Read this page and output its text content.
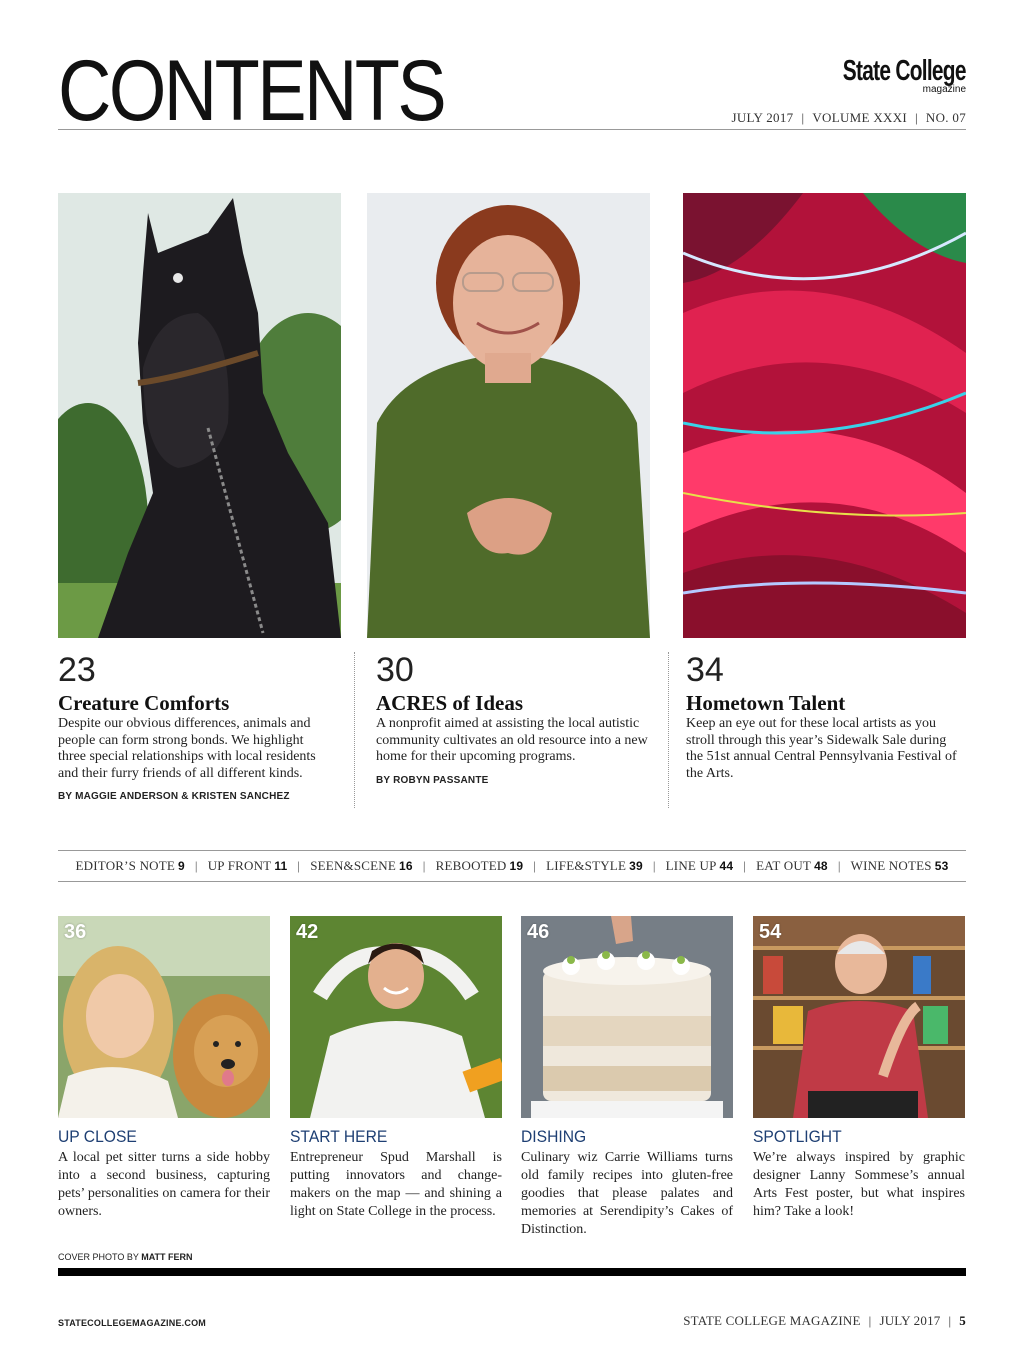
CONTENTS	State College
magazine
JULY 2017 | VOLUME XXXI | NO. 07
23
Creature Comforts
Despite our obvious differences, animals and people can form strong bonds. We highlight three special relationships with local residents and their furry friends of all different kinds.
BY MAGGIE ANDERSON & KRISTEN SANCHEZ
30
ACRES of Ideas
A nonprofit aimed at assisting the local autistic community cultivates an old resource into a new home for their upcoming programs.
BY ROBYN PASSANTE
34
Hometown Talent
Keep an eye out for these local artists as you stroll through this year’s Sidewalk Sale during the 51st annual Central Pennsylvania Festival of the Arts.
EDITOR’S NOTE 9 | UP FRONT 11 | SEEN&SCENE 16 | REBOOTED 19 | LIFE&STYLE 39 | LINE UP 44 | EAT OUT 48 | WINE NOTES 53
36
UP CLOSE
A local pet sitter turns a side hobby into a second business, capturing pets’ personalities on camera for their owners.
42
START HERE
Entrepreneur Spud Marshall is putting innovators and change-makers on the map — and shining a light on State College in the process.
46
DISHING
Culinary wiz Carrie Williams turns old family recipes into gluten-free goodies that please palates and memories at Serendipity’s Cakes of Distinction.
54
SPOTLIGHT
We’re always inspired by graphic designer Lanny Sommese’s annual Arts Fest poster, but what inspires him? Take a look!
COVER PHOTO BY MATT FERN
STATECOLLEGEMAGAZINE.COM	STATE COLLEGE MAGAZINE | JULY 2017 | 5
